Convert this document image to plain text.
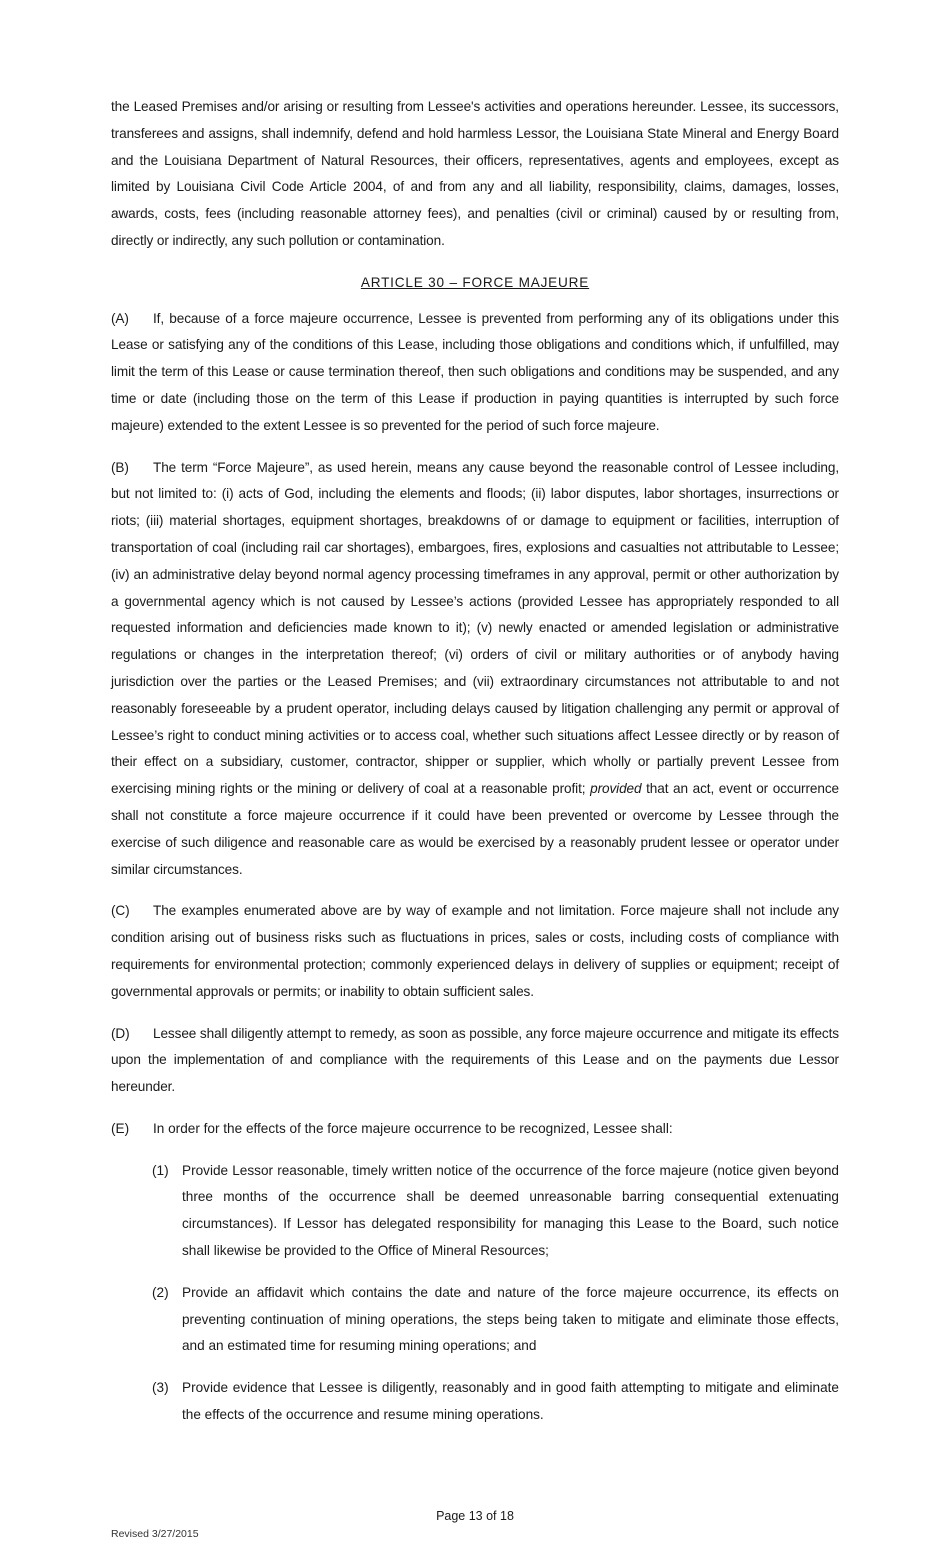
the Leased Premises and/or arising or resulting from Lessee's activities and operations hereunder. Lessee, its successors, transferees and assigns, shall indemnify, defend and hold harmless Lessor, the Louisiana State Mineral and Energy Board and the Louisiana Department of Natural Resources, their officers, representatives, agents and employees, except as limited by Louisiana Civil Code Article 2004, of and from any and all liability, responsibility, claims, damages, losses, awards, costs, fees (including reasonable attorney fees), and penalties (civil or criminal) caused by or resulting from, directly or indirectly, any such pollution or contamination.

ARTICLE 30 – FORCE MAJEURE

(A) If, because of a force majeure occurrence, Lessee is prevented from performing any of its obligations under this Lease or satisfying any of the conditions of this Lease, including those obligations and conditions which, if unfulfilled, may limit the term of this Lease or cause termination thereof, then such obligations and conditions may be suspended, and any time or date (including those on the term of this Lease if production in paying quantities is interrupted by such force majeure) extended to the extent Lessee is so prevented for the period of such force majeure.

(B) The term “Force Majeure”, as used herein, means any cause beyond the reasonable control of Lessee including, but not limited to: (i) acts of God, including the elements and floods; (ii) labor disputes, labor shortages, insurrections or riots; (iii) material shortages, equipment shortages, breakdowns of or damage to equipment or facilities, interruption of transportation of coal (including rail car shortages), embargoes, fires, explosions and casualties not attributable to Lessee; (iv) an administrative delay beyond normal agency processing timeframes in any approval, permit or other authorization by a governmental agency which is not caused by Lessee’s actions (provided Lessee has appropriately responded to all requested information and deficiencies made known to it); (v) newly enacted or amended legislation or administrative regulations or changes in the interpretation thereof; (vi) orders of civil or military authorities or of anybody having jurisdiction over the parties or the Leased Premises; and (vii) extraordinary circumstances not attributable to and not reasonably foreseeable by a prudent operator, including delays caused by litigation challenging any permit or approval of Lessee’s right to conduct mining activities or to access coal, whether such situations affect Lessee directly or by reason of their effect on a subsidiary, customer, contractor, shipper or supplier, which wholly or partially prevent Lessee from exercising mining rights or the mining or delivery of coal at a reasonable profit; provided that an act, event or occurrence shall not constitute a force majeure occurrence if it could have been prevented or overcome by Lessee through the exercise of such diligence and reasonable care as would be exercised by a reasonably prudent lessee or operator under similar circumstances.

(C) The examples enumerated above are by way of example and not limitation. Force majeure shall not include any condition arising out of business risks such as fluctuations in prices, sales or costs, including costs of compliance with requirements for environmental protection; commonly experienced delays in delivery of supplies or equipment; receipt of governmental approvals or permits; or inability to obtain sufficient sales.

(D) Lessee shall diligently attempt to remedy, as soon as possible, any force majeure occurrence and mitigate its effects upon the implementation of and compliance with the requirements of this Lease and on the payments due Lessor hereunder.

(E)	In order for the effects of the force majeure occurrence to be recognized, Lessee shall:
(1) Provide Lessor reasonable, timely written notice of the occurrence of the force majeure (notice given beyond three months of the occurrence shall be deemed unreasonable barring consequential extenuating circumstances). If Lessor has delegated responsibility for managing this Lease to the Board, such notice shall likewise be provided to the Office of Mineral Resources;
(2) Provide an affidavit which contains the date and nature of the force majeure occurrence, its effects on preventing continuation of mining operations, the steps being taken to mitigate and eliminate those effects, and an estimated time for resuming mining operations; and
(3) Provide evidence that Lessee is diligently, reasonably and in good faith attempting to mitigate and eliminate the effects of the occurrence and resume mining operations.
Page 13 of 18
Revised 3/27/2015
